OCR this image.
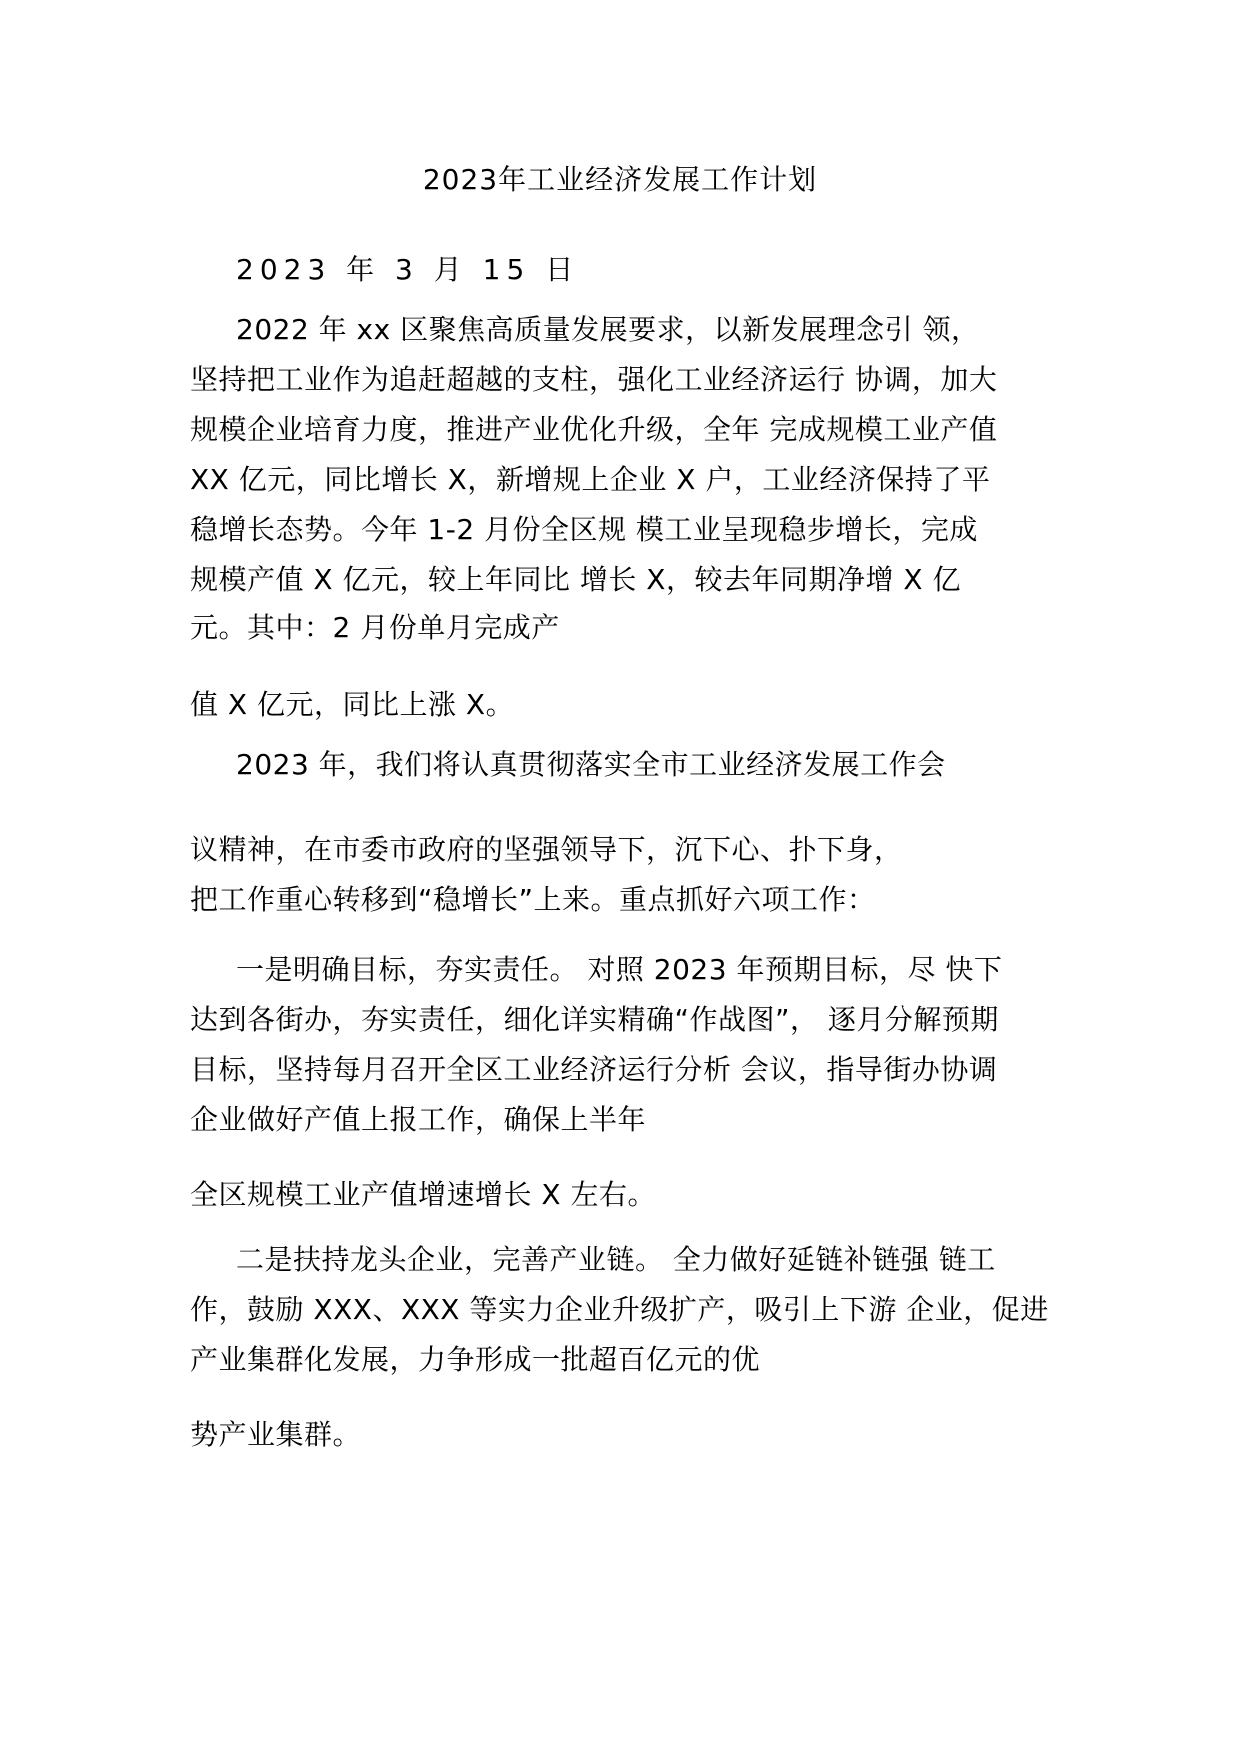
2023年工业经济发展工作计划
2023 年 3 月 15 日
2022 年 xx 区聚焦高质量发展要求，以新发展理念引 领，
坚持把工业作为追赶超越的支柱，强化工业经济运行 协调，加大
规模企业培育力度，推进产业优化升级，全年 完成规模工业产值
XX 亿元，同比增长 X，新增规上企业 X 户，工业经济保持了平
稳增长态势。今年 1-2 月份全区规 模工业呈现稳步增长，完成
规模产值 X 亿元，较上年同比 增长 X，较去年同期净增 X 亿
元。其中：2 月份单月完成产
值 X 亿元，同比上涨 X。
2023 年，我们将认真贯彻落实全市工业经济发展工作会
议精神，在市委市政府的坚强领导下，沉下心、扑下身，
把工作重心转移到“稳增长”上来。重点抓好六项工作：
一是明确目标，夯实责任。 对照 2023 年预期目标，尽 快下
达到各街办，夯实责任，细化详实精确“作战图”， 逐月分解预期
目标，坚持每月召开全区工业经济运行分析 会议，指导街办协调
企业做好产值上报工作，确保上半年
全区规模工业产值增速增长 X 左右。
二是扶持龙头企业，完善产业链。 全力做好延链补链强 链工
作，鼓励 XXX、XXX 等实力企业升级扩产，吸引上下游 企业，促进
产业集群化发展，力争形成一批超百亿元的优
势产业集群。
